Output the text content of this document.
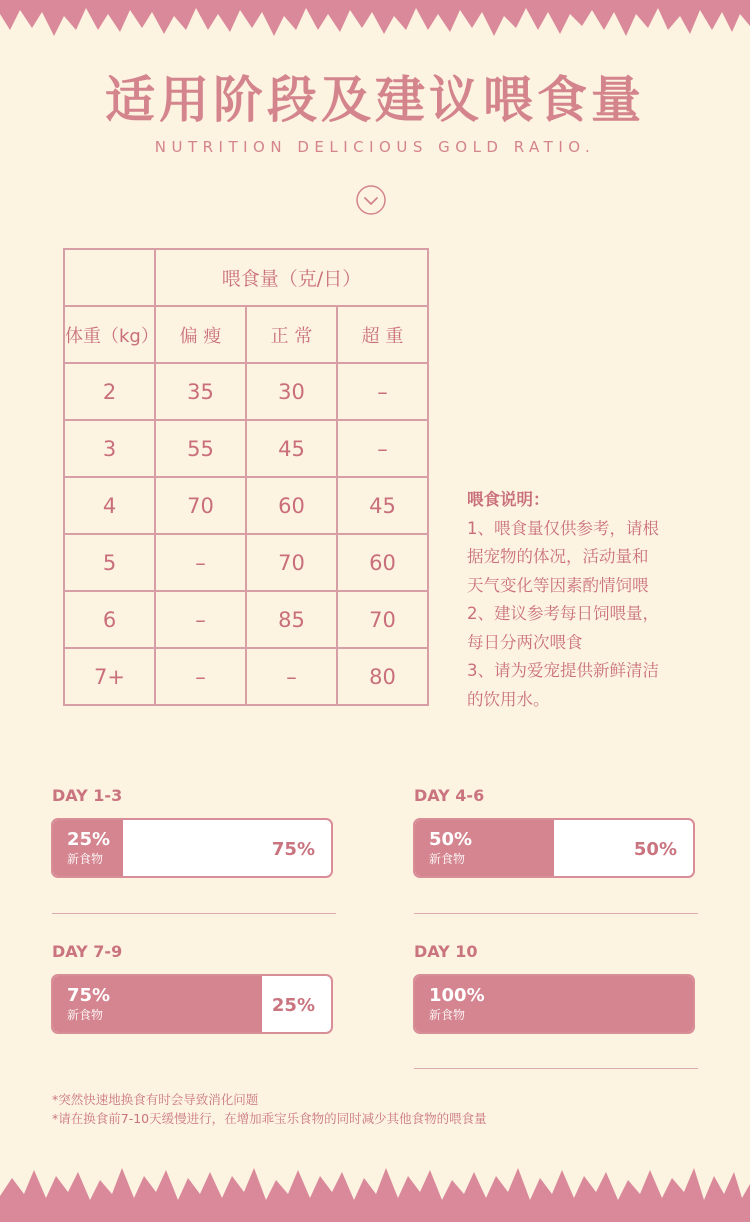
适用阶段及建议喂食量
NUTRITION DELICIOUS GOLD RATIO.
	喂食量（克/日）		
体重（kg）	偏 瘦	正 常	超 重
2	35	30	–
3	55	45	–
4	70	60	45
5	–	70	60
6	–	85	70
7+	–	–	80
喂食说明：
1、喂食量仅供参考，请根
据宠物的体况，活动量和
天气变化等因素酌情饲喂
2、建议参考每日饲喂量，
每日分两次喂食
3、请为爱宠提供新鲜清洁
的饮用水。
DAY 1-3
25%
新食物	75%
DAY 4-6
50%
新食物	50%
DAY 7-9
75%
新食物	25%
DAY 10
100%
新食物
*突然快速地换食有时会导致消化问题
*请在换食前7-10天缓慢进行，在增加乖宝乐食物的同时减少其他食物的喂食量
